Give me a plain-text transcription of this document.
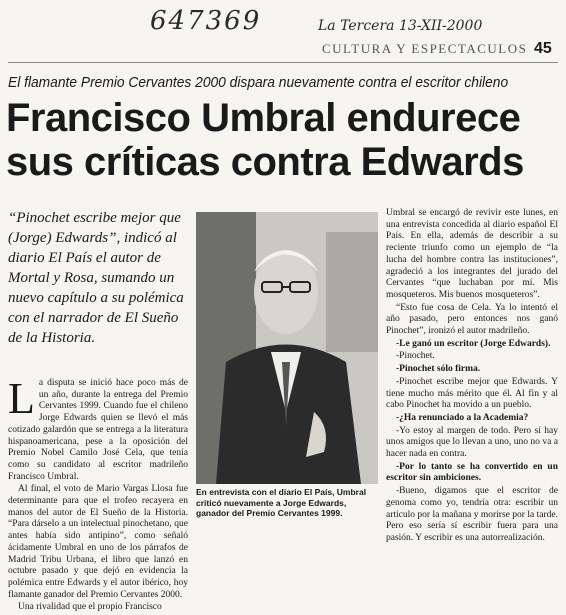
647369	La Tercera 13-XII-2000
CULTURA Y ESPECTACULOS 45
El flamante Premio Cervantes 2000 dispara nuevamente contra el escritor chileno
Francisco Umbral endurece sus críticas contra Edwards

“Pinochet escribe mejor que (Jorge) Edwards”, indicó al diario El País el autor de Mortal y Rosa, sumando un nuevo capítulo a su polémica con el narrador de El Sueño de la Historia.

En entrevista con el diario El País, Umbral criticó nuevamente a Jorge Edwards, ganador del Premio Cervantes 1999.

La disputa se inició hace poco más de un año, durante la entrega del Premio Cervantes 1999. Cuando fue el chileno Jorge Edwards quien se llevó el más cotizado galardón que se entrega a la literatura hispanoamericana, pese a la oposición del Premio Nobel Camilo José Cela, que tenía como su candidato al escritor madrileño Francisco Umbral.

Al final, el voto de Mario Vargas Llosa fue determinante para que el trofeo recayera en manos del autor de El Sueño de la Historia. “Para dárselo a un intelectual pinochetano, que antes había sido antipino”, como señaló ácidamente Umbral en uno de los párrafos de Madrid Tribu Urbana, el libro que lanzó en octubre pasado y que dejó en evidencia la polémica entre Edwards y el autor ibérico, hoy flamante ganador del Premio Cervantes 2000.

Una rivalidad que el propio Francisco

Umbral se encargó de revivir este lunes, en una entrevista concedida al diario español El País. En ella, además de describir a su reciente triunfo como un ejemplo de “la lucha del hombre contra las instituciones”, agradeció a los integrantes del jurado del Cervantes “que luchaban por mí. Mis mosqueteros. Mis buenos mosqueteros”.

“Esto fue cosa de Cela. Ya lo intentó el año pasado, pero entonces nos ganó Pinochet”, ironizó el autor madrileño.

-Le ganó un escritor (Jorge Edwards).

-Pinochet.

-Pinochet sólo firma.

-Pinochet escribe mejor que Edwards. Y tiene mucho más mérito que él. Al fin y al cabo Pinochet ha movido a un pueblo.

-¿Ha renunciado a la Academia?

-Yo estoy al margen de todo. Pero sí hay unos amigos que lo llevan a uno, uno no va a hacer nada en contra.

-Por lo tanto se ha convertido en un escritor sin ambiciones.

-Bueno, digamos que el escritor de genoma como yo, tendría otra: escribir un artículo por la mañana y morirse por la tarde. Pero eso sería sí escribir fuera para una pasión. Y escribir es una autorrealización.
